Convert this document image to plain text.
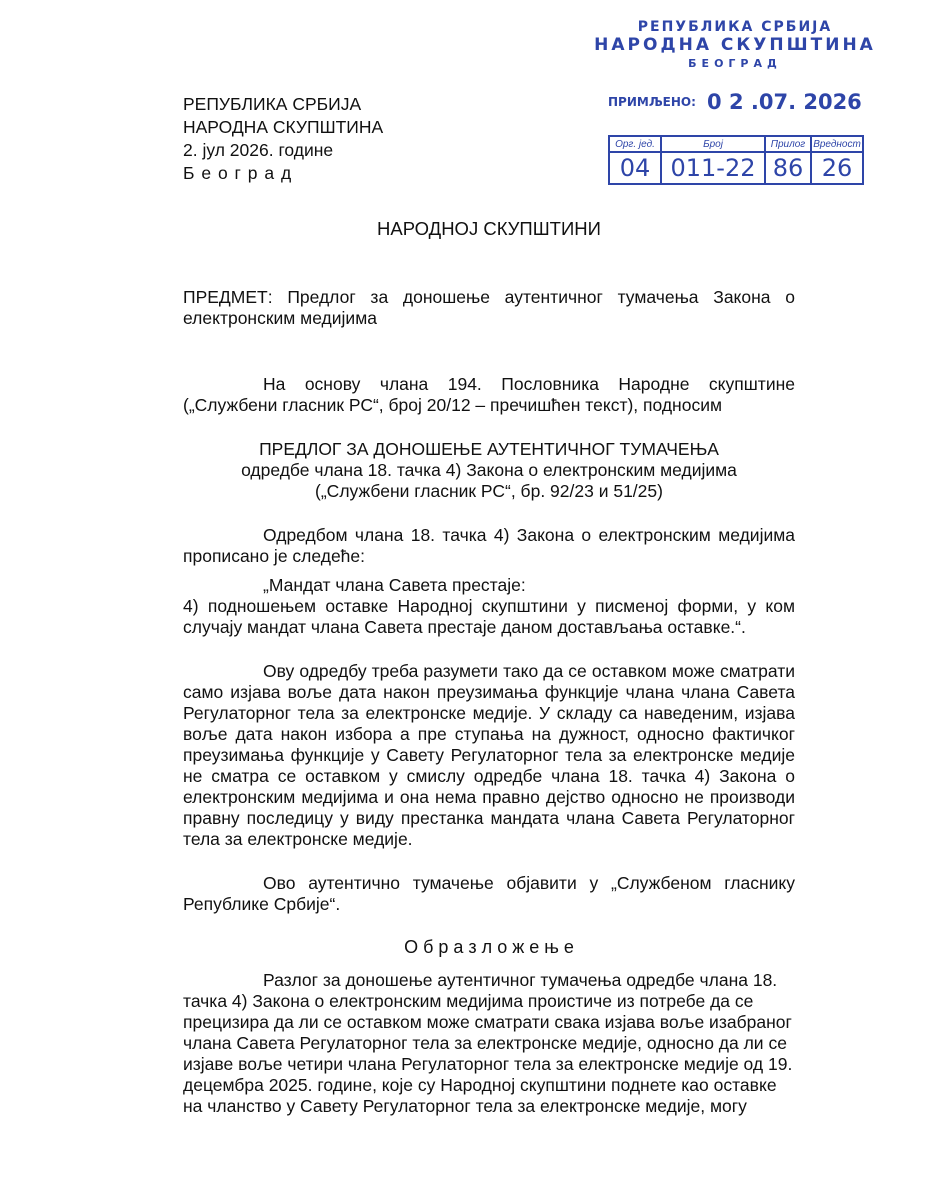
РЕПУБЛИКА СРБИЈА
НАРОДНА СКУПШТИНА
БЕОГРАД
ПРИМЉЕНО: 0 2 .07. 2026
Орг. јед.	Број	Прилог	Вредност
04	011-22	86	26
РЕПУБЛИКА СРБИЈА
НАРОДНА СКУПШТИНА
2. јул 2026. године
Б е о г р а д
НАРОДНОЈ СКУПШТИНИ
ПРЕДМЕТ: Предлог за доношење аутентичног тумачења Закона о електронским медијима
На основу члана 194. Пословника Народне скупштине („Службени гласник РС“, број 20/12 – пречишћен текст), подносим
ПРЕДЛОГ ЗА ДОНОШЕЊЕ АУТЕНТИЧНОГ ТУМАЧЕЊА
одредбе члана 18. тачка 4) Закона о електронским медијима
(„Службени гласник РС“, бр. 92/23 и 51/25)
Одредбом члана 18. тачка 4) Закона о електронским медијима прописано је следеће:
„Мандат члана Савета престаје:
4) подношењем оставке Народној скупштини у писменој форми, у ком случају мандат члана Савета престаје даном достављања оставке.“.
Ову одредбу треба разумети тако да се оставком може сматрати само изјава воље дата након преузимања функције члана члана Савета Регулаторног тела за електронске медије. У складу са наведеним, изјава воље дата након избора а пре ступања на дужност, односно фактичког преузимања функције у Савету Регулаторног тела за електронске медије не сматра се оставком у смислу одредбе члана 18. тачка 4) Закона о електронским медијима и она нема правно дејство односно не производи правну последицу у виду престанка мандата члана Савета Регулаторног тела за електронске медије.
Ово аутентично тумачење објавити у „Службеном гласнику Републике Србије“.
О б р а з л о ж е њ е
Разлог за доношење аутентичног тумачења одредбе члана 18.
тачка 4) Закона о електронским медијима проистиче из потребе да се
прецизира да ли се оставком може сматрати свака изјава воље изабраног
члана Савета Регулаторног тела за електронске медије, односно да ли се
изјаве воље четири члана Регулаторног тела за електронске медије од 19.
децембра 2025. године, које су Народној скупштини поднете као оставке
на чланство у Савету Регулаторног тела за електронске медије, могу
